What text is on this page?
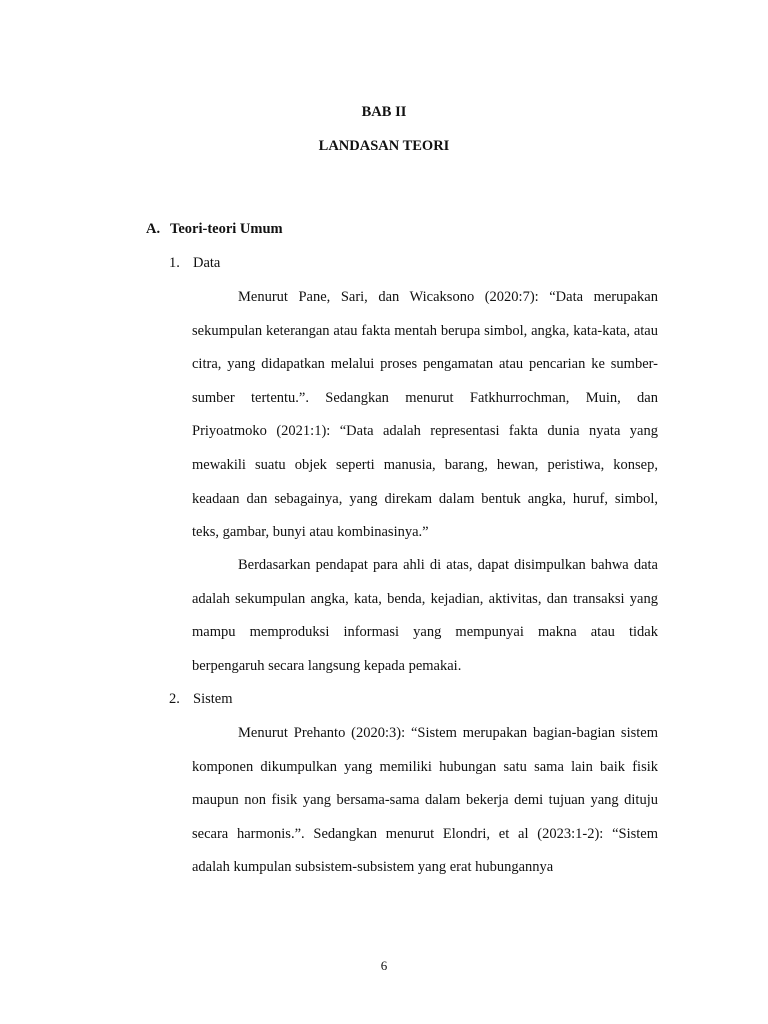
BAB II

LANDASAN TEORI

A. Teori-teori Umum

1. Data

Menurut Pane, Sari, dan Wicaksono (2020:7): “Data merupakan sekumpulan keterangan atau fakta mentah berupa simbol, angka, kata-kata, atau citra, yang didapatkan melalui proses pengamatan atau pencarian ke sumber-sumber tertentu.”. Sedangkan menurut Fatkhurrochman, Muin, dan Priyoatmoko (2021:1): “Data adalah representasi fakta dunia nyata yang mewakili suatu objek seperti manusia, barang, hewan, peristiwa, konsep, keadaan dan sebagainya, yang direkam dalam bentuk angka, huruf, simbol, teks, gambar, bunyi atau kombinasinya.”

Berdasarkan pendapat para ahli di atas, dapat disimpulkan bahwa data adalah sekumpulan angka, kata, benda, kejadian, aktivitas, dan transaksi yang mampu memproduksi informasi yang mempunyai makna atau tidak berpengaruh secara langsung kepada pemakai.

2. Sistem

Menurut Prehanto (2020:3): “Sistem merupakan bagian-bagian sistem komponen dikumpulkan yang memiliki hubungan satu sama lain baik fisik maupun non fisik yang bersama-sama dalam bekerja demi tujuan yang dituju secara harmonis.”. Sedangkan menurut Elondri, et al (2023:1-2): “Sistem adalah kumpulan subsistem-subsistem yang erat hubungannya

6
